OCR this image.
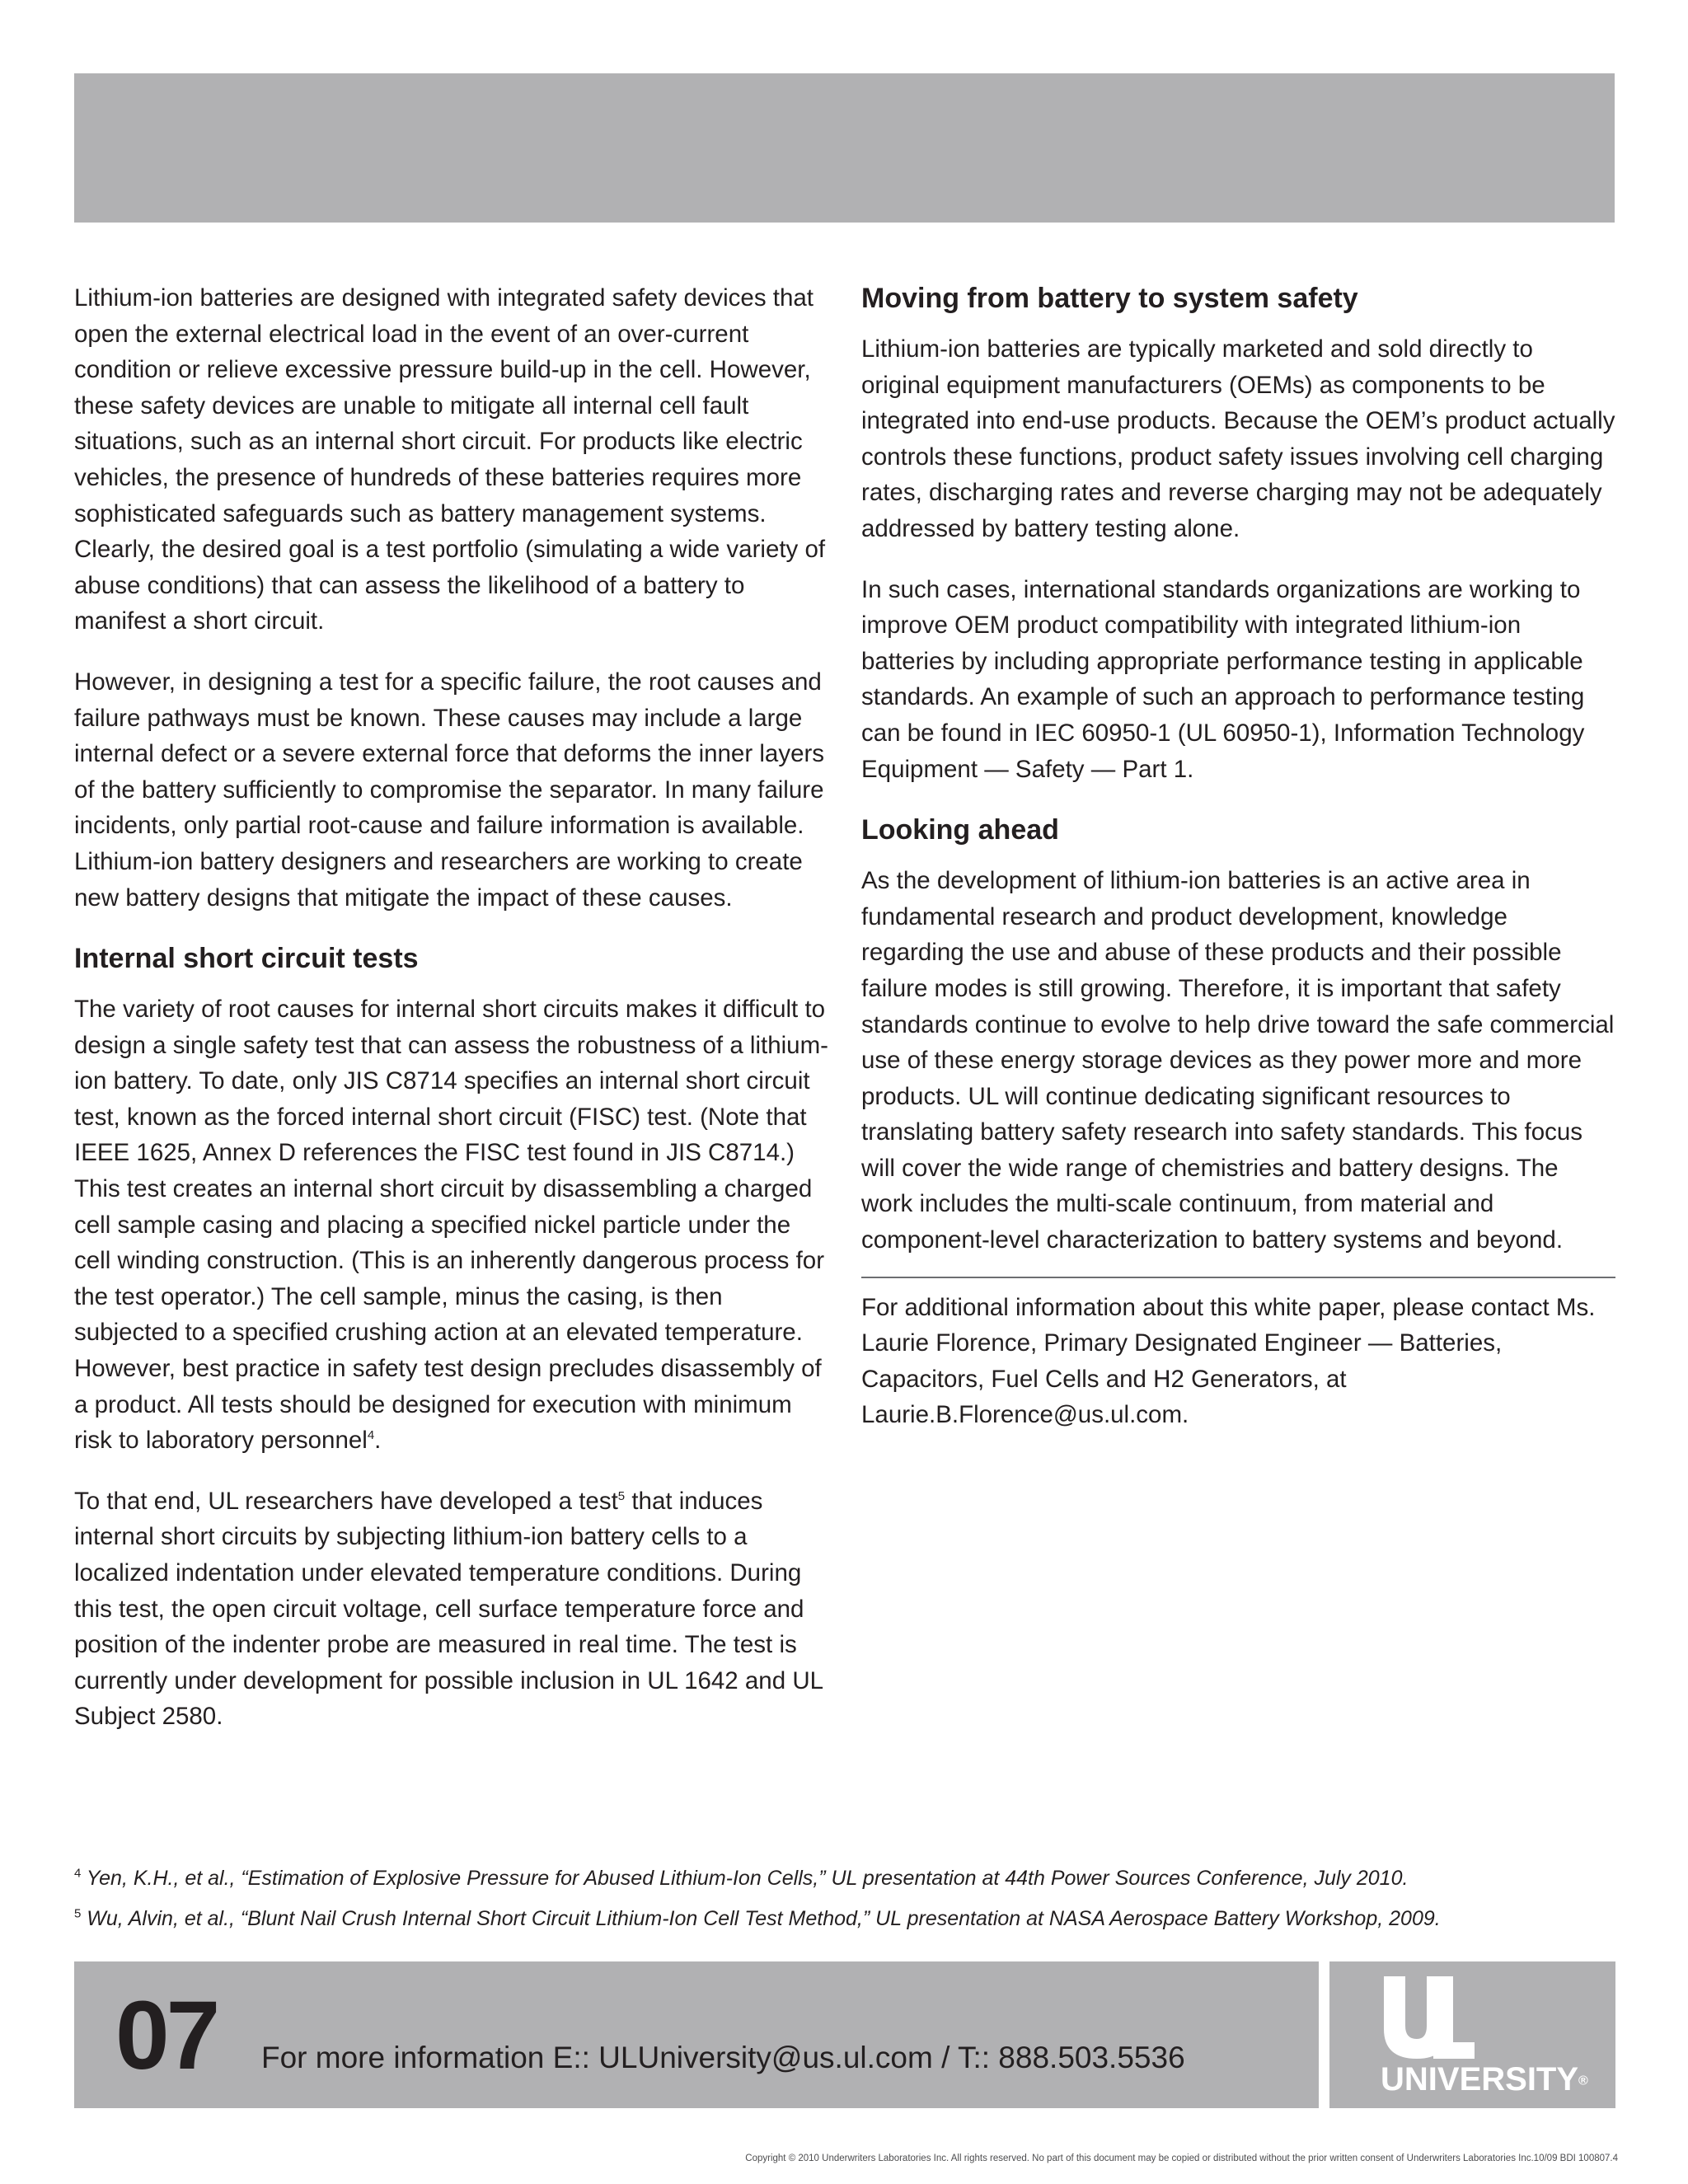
Lithium-ion batteries are designed with integrated safety devices that open the external electrical load in the event of an over-current condition or relieve excessive pressure build-up in the cell. However, these safety devices are unable to mitigate all internal cell fault situations, such as an internal short circuit. For products like electric vehicles, the presence of hundreds of these batteries requires more sophisticated safeguards such as battery management systems. Clearly, the desired goal is a test portfolio (simulating a wide variety of abuse conditions) that can assess the likelihood of a battery to manifest a short circuit.

However, in designing a test for a specific failure, the root causes and failure pathways must be known. These causes may include a large internal defect or a severe external force that deforms the inner layers of the battery sufficiently to compromise the separator. In many failure incidents, only partial root-cause and failure information is available. Lithium-ion battery designers and researchers are working to create new battery designs that mitigate the impact of these causes.

Internal short circuit tests

The variety of root causes for internal short circuits makes it difficult to design a single safety test that can assess the robustness of a lithium-ion battery. To date, only JIS C8714 specifies an internal short circuit test, known as the forced internal short circuit (FISC) test. (Note that IEEE 1625, Annex D references the FISC test found in JIS C8714.) This test creates an internal short circuit by disassembling a charged cell sample casing and placing a specified nickel particle under the cell winding construction. (This is an inherently dangerous process for the test operator.) The cell sample, minus the casing, is then subjected to a specified crushing action at an elevated temperature. However, best practice in safety test design precludes disassembly of a product. All tests should be designed for execution with minimum risk to laboratory personnel$^4$.

To that end, UL researchers have developed a test$^5$ that induces internal short circuits by subjecting lithium-ion battery cells to a localized indentation under elevated temperature conditions. During this test, the open circuit voltage, cell surface temperature force and position of the indenter probe are measured in real time. The test is currently under development for possible inclusion in UL 1642 and UL Subject 2580.

Moving from battery to system safety

Lithium-ion batteries are typically marketed and sold directly to original equipment manufacturers (OEMs) as components to be integrated into end-use products. Because the OEM’s product actually controls these functions, product safety issues involving cell charging rates, discharging rates and reverse charging may not be adequately addressed by battery testing alone.

In such cases, international standards organizations are working to improve OEM product compatibility with integrated lithium-ion batteries by including appropriate performance testing in applicable standards. An example of such an approach to performance testing can be found in IEC 60950-1 (UL 60950-1), Information Technology Equipment — Safety — Part 1.

Looking ahead

As the development of lithium-ion batteries is an active area in fundamental research and product development, knowledge regarding the use and abuse of these products and their possible failure modes is still growing. Therefore, it is important that safety standards continue to evolve to help drive toward the safe commercial use of these energy storage devices as they power more and more products. UL will continue dedicating significant resources to translating battery safety research into safety standards. This focus will cover the wide range of chemistries and battery designs. The work includes the multi-scale continuum, from material and component-level characterization to battery systems and beyond.

For additional information about this white paper, please contact Ms. Laurie Florence, Primary Designated Engineer — Batteries, Capacitors, Fuel Cells and H2 Generators, at Laurie.B.Florence@us.ul.com.

$^4$ Yen, K.H., et al., “Estimation of Explosive Pressure for Abused Lithium-Ion Cells,” UL presentation at 44th Power Sources Conference, July 2010.
$^5$ Wu, Alvin, et al., “Blunt Nail Crush Internal Short Circuit Lithium-Ion Cell Test Method,” UL presentation at NASA Aerospace Battery Workshop, 2009.
07 For more information E:: ULUniversity@us.ul.com / T:: 888.503.5536
UNIVERSITY®
Copyright © 2010 Underwriters Laboratories Inc. All rights reserved. No part of this document may be copied or distributed without the prior written consent of Underwriters Laboratories Inc.10/09 BDI 100807.4
